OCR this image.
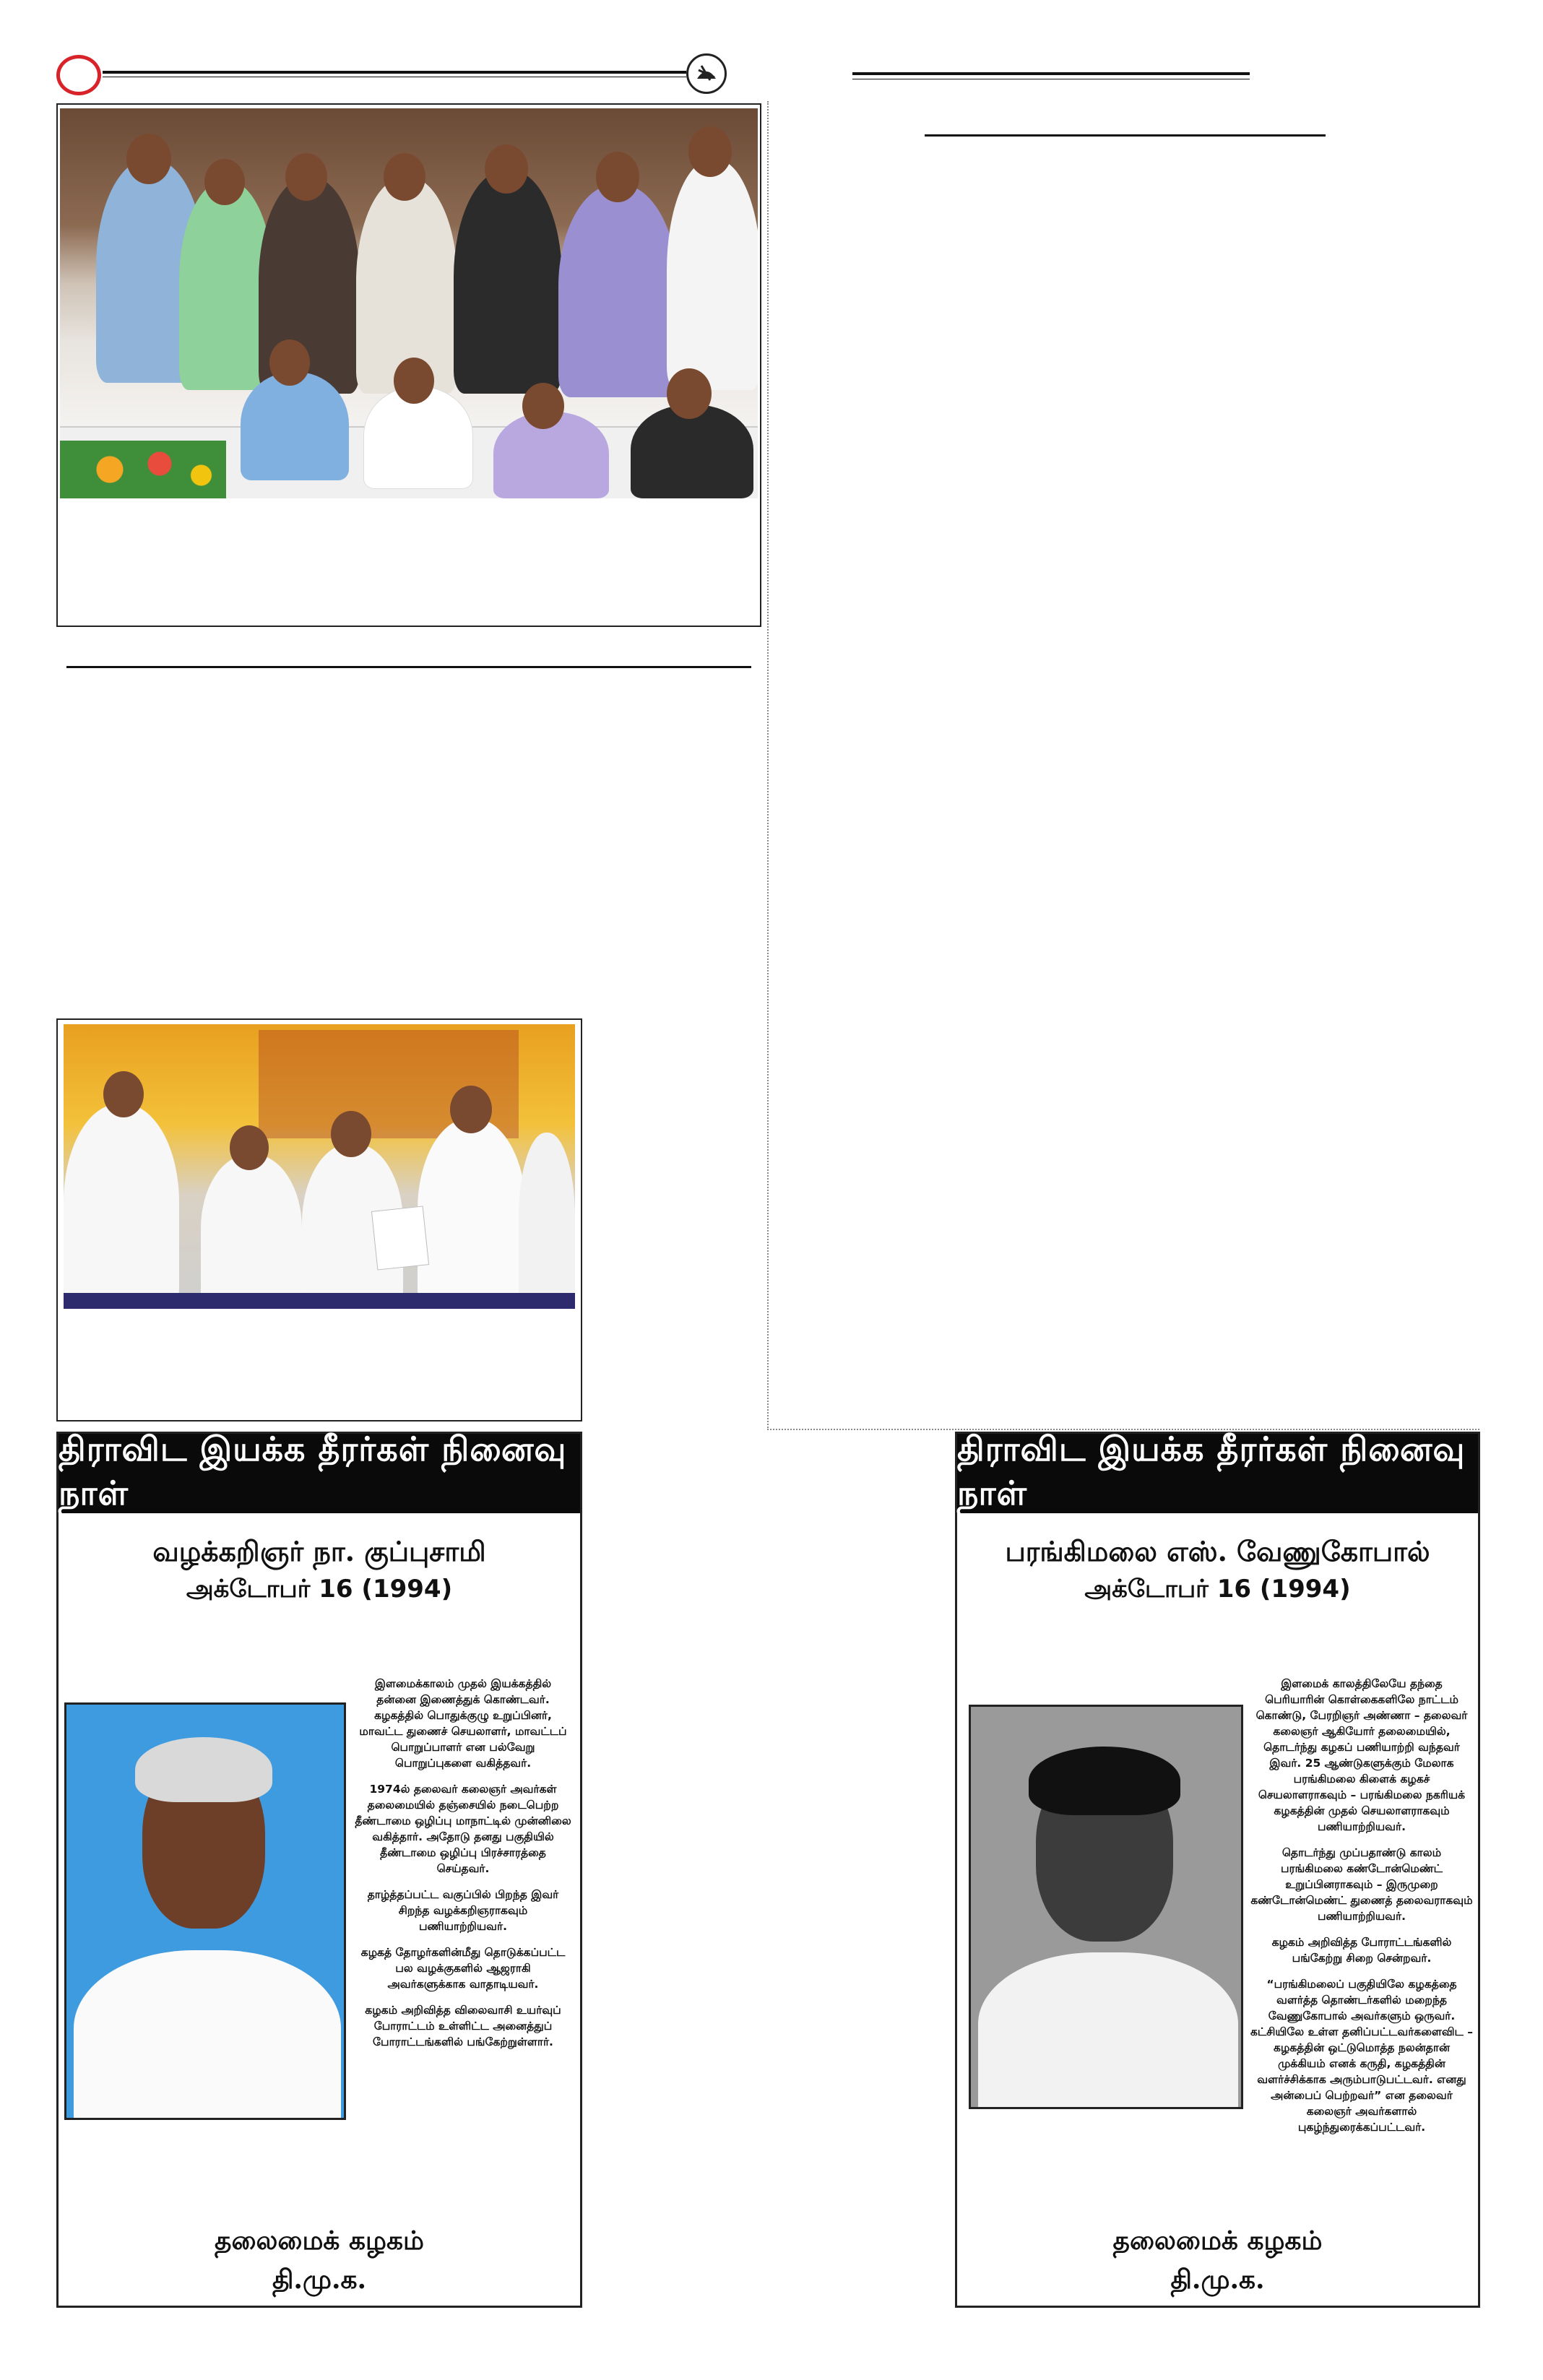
திராவிட இயக்க தீரர்கள் நினைவு நாள்
வழக்கறிஞர் நா. குப்புசாமி
அக்டோபர் 16 (1994)

இளமைக்காலம் முதல் இயக்கத்தில் தன்னை இணைத்துக் கொண்டவர். கழகத்தில் பொதுக்குழு உறுப்பினர், மாவட்ட துணைச் செயலாளர், மாவட்டப் பொறுப்பாளர் என பல்வேறு பொறுப்புகளை வகித்தவர்.

1974ல் தலைவர் கலைஞர் அவர்கள் தலைமையில் தஞ்சையில் நடைபெற்ற தீண்டாமை ஒழிப்பு மாநாட்டில் முன்னிலை வகித்தார். அதோடு தனது பகுதியில் தீண்டாமை ஒழிப்பு பிரச்சாரத்தை செய்தவர்.

தாழ்த்தப்பட்ட வகுப்பில் பிறந்த இவர் சிறந்த வழக்கறிஞராகவும் பணியாற்றியவர்.

கழகத் தோழர்களின்மீது தொடுக்கப்பட்ட பல வழக்குகளில் ஆஜராகி அவர்களுக்காக வாதாடியவர்.

கழகம் அறிவித்த விலைவாசி உயர்வுப் போராட்டம் உள்ளிட்ட அனைத்துப் போராட்டங்களில் பங்கேற்றுள்ளார்.

தலைமைக் கழகம்
தி.மு.க.
திராவிட இயக்க தீரர்கள் நினைவு நாள்
பரங்கிமலை எஸ். வேணுகோபால்
அக்டோபர் 16 (1994)

இளமைக் காலத்திலேயே தந்தை பெரியாரின் கொள்கைகளிலே நாட்டம் கொண்டு, பேரறிஞர் அண்ணா – தலைவர் கலைஞர் ஆகியோர் தலைமையில், தொடர்ந்து கழகப் பணியாற்றி வந்தவர் இவர். 25 ஆண்டுகளுக்கும் மேலாக பரங்கிமலை கிளைக் கழகச் செயலாளராகவும் – பரங்கிமலை நகரியக் கழகத்தின் முதல் செயலாளராகவும் பணியாற்றியவர்.

தொடர்ந்து முப்பதாண்டு காலம் பரங்கிமலை கண்டோன்மெண்ட் உறுப்பினராகவும் – இருமுறை கண்டோன்மெண்ட் துணைத் தலைவராகவும் பணியாற்றியவர்.

கழகம் அறிவித்த போராட்டங்களில் பங்கேற்று சிறை சென்றவர்.

“பரங்கிமலைப் பகுதியிலே கழகத்தை வளர்த்த தொண்டர்களில் மறைந்த வேணுகோபால் அவர்களும் ஒருவர். கட்சியிலே உள்ள தனிப்பட்டவர்களைவிட – கழகத்தின் ஒட்டுமொத்த நலன்தான் முக்கியம் எனக் கருதி, கழகத்தின் வளர்ச்சிக்காக அரும்பாடுபட்டவர். எனது அன்பைப் பெற்றவர்” என தலைவர் கலைஞர் அவர்களால் புகழ்ந்துரைக்கப்பட்டவர்.

தலைமைக் கழகம்
தி.மு.க.
